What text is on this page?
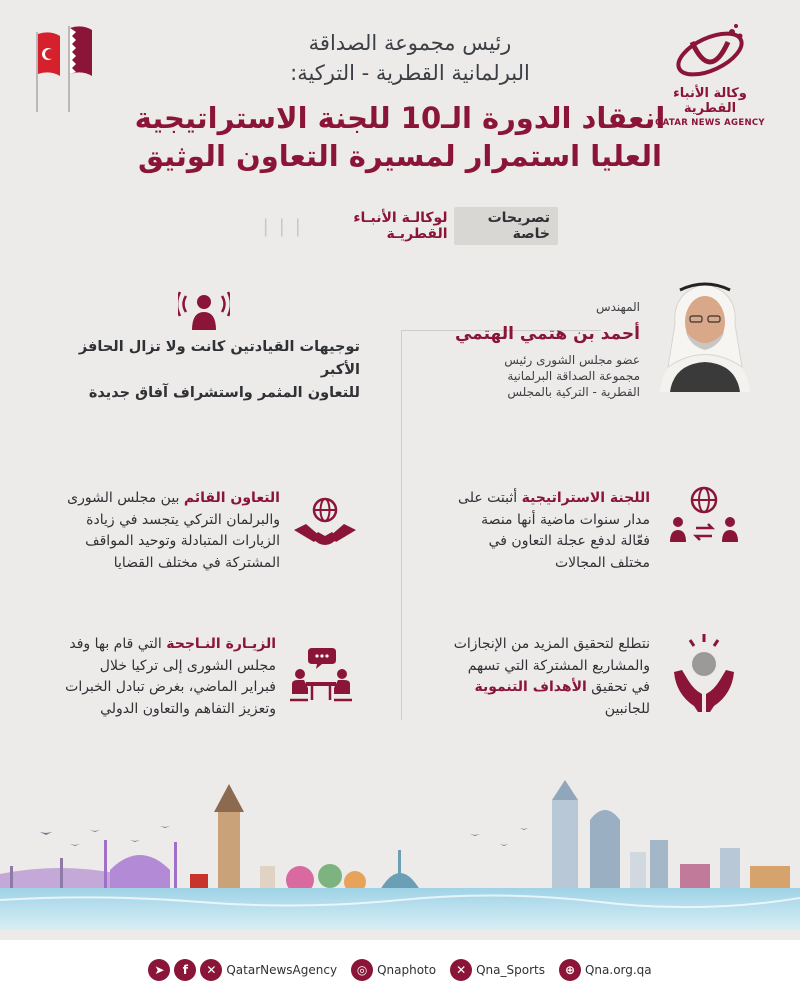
وكالة الأنباء القطرية
QATAR NEWS AGENCY
رئيس مجموعة الصداقة
البرلمانية القطرية - التركية:
انعقاد الدورة الـ10 للجنة الاستراتيجية
العليا استمرار لمسيرة التعاون الوثيق
تصريحات خاصة
لوكالـة الأنبـاء القطريـة
❘❘❘
المهندس
أحمد بن هتمي الهتمي
عضو مجلس الشورى رئيس
مجموعة الصداقة البرلمانية
القطرية - التركية بالمجلس
توجيهات القيادتين كانت ولا تزال الحافز الأكبر
للتعاون المثمر واستشراف آفاق جديدة
اللجنة الاستراتيجية أثبتت على
مدار سنوات ماضية أنها منصة
فعّالة لدفع عجلة التعاون في
مختلف المجالات
التعاون القائم بين مجلس الشورى
والبرلمان التركي يتجسد في زيادة
الزيارات المتبادلة وتوحيد المواقف
المشتركة في مختلف القضايا
نتطلع لتحقيق المزيد من الإنجازات
والمشاريع المشتركة التي تسهم
في تحقيق الأهداف التنموية
للجانبين
الزيـارة النـاجحة التي قام بها وفد
مجلس الشورى إلى تركيا خلال
فبراير الماضي، بغرض تبادل الخبرات
وتعزيز التفاهم والتعاون الدولي
➤	f	✕ QatarNewsAgency	◎ Qnaphoto	✕ Qna_Sports	⊕ Qna.org.qa
